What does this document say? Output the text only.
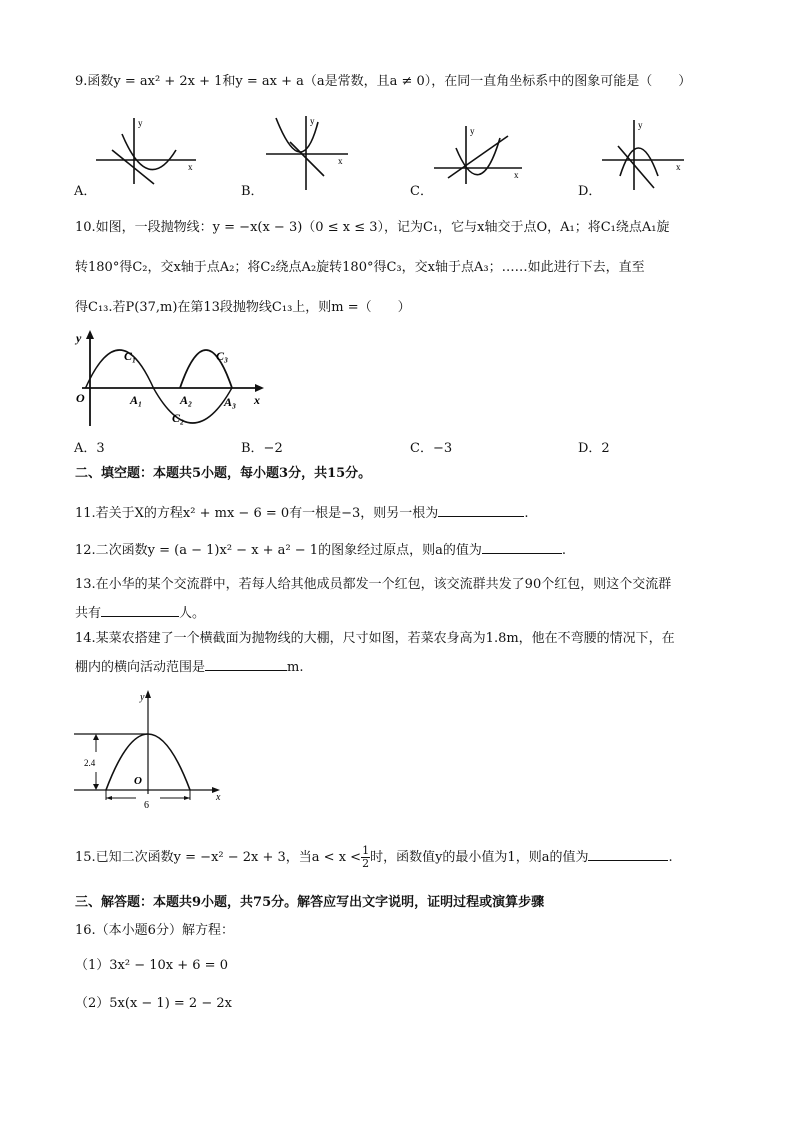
9.函数y = ax² + 2x + 1和y = ax + a（a是常数，且a ≠ 0），在同一直角坐标系中的图象可能是（　　）
y
x
A．
y
x
B．
y
x
C．
y
x
D．
10.如图，一段抛物线：y = −x(x − 3)（0 ≤ x ≤ 3），记为C₁，它与x轴交于点O，A₁；将C₁绕点A₁旋
转180°得C₂，交x轴于点A₂；将C₂绕点A₂旋转180°得C₃，交x轴于点A₃；……如此进行下去，直至
得C₁₃.若P(37,m)在第13段抛物线C₁₃上，则m =（　　）
y
x
O
C₁
C₂
C₃
A₁	A₂	A₃
A．3	B．−2	C．−3	D．2
二、填空题：本题共5小题，每小题3分，共15分。
11.若关于X的方程x² + mx − 6 = 0有一根是−3，则另一根为	.
12.二次函数y = (a − 1)x² − x + a² − 1的图象经过原点，则a的值为	.
13.在小华的某个交流群中，若每人给其他成员都发一个红包，该交流群共发了90个红包，则这个交流群
共有	人。
14.某菜农搭建了一个横截面为抛物线的大棚，尺寸如图，若菜农身高为1.8m，他在不弯腰的情况下，在
棚内的横向活动范围是	m.
y
x
O
2.4
6
15.已知二次函数y = −x² − 2x + 3，当$a < x < \frac{1}{2}$ 时，函数值y的最小值为1，则a的值为	.
三、解答题：本题共9小题，共75分。解答应写出文字说明，证明过程或演算步骤
16.（本小题6分）解方程：
（1）3x² − 10x + 6 = 0
（2）5x(x − 1) = 2 − 2x
